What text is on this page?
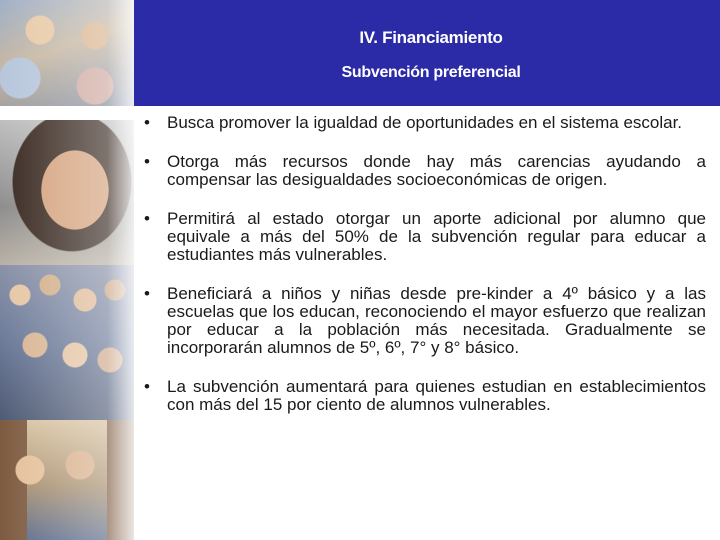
IV. Financiamiento
Subvención preferencial
• Busca promover la igualdad de oportunidades en el sistema escolar.
• Otorga más recursos donde hay más carencias ayudando a compensar las desigualdades socioeconómicas de origen.
• Permitirá al estado otorgar un aporte adicional por alumno que equivale a más del 50% de la subvención regular para educar a estudiantes más vulnerables.
• Beneficiará a niños y niñas desde pre-kinder a 4º básico y a las escuelas que los educan, reconociendo el mayor esfuerzo que realizan por educar a la población más necesitada. Gradualmente se incorporarán alumnos de 5º, 6º, 7° y 8° básico.
• La subvención aumentará para quienes estudian en establecimientos con más del 15 por ciento de alumnos vulnerables.
